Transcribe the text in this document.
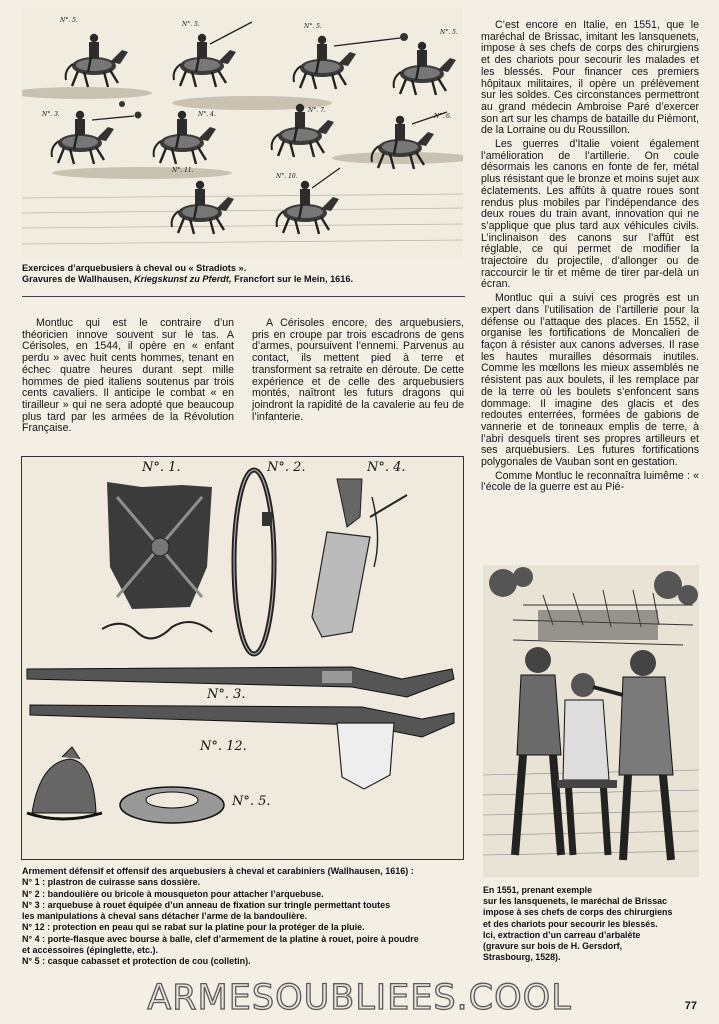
N°. 5.
N°. 5.	N°. 5.
N°. 5.
N°. 3.	N°. 4.
N°. 7.
N°. 6.
N°. 11.
N°. 10.
Exercices d’arquebusiers à cheval ou « Stradiots ».
Gravures de Wallhausen, Kriegskunst zu Pferdt, Francfort sur le Mein, 1616.

Montluc qui est le contraire d’un théoricien innove souvent sur le tas. A Cérisoles, en 1544, il opère en « enfant perdu » avec huit cents hommes, tenant en échec quatre heures durant sept mille hommes de pied italiens soutenus par trois cents cavaliers. Il anticipe le combat « en tirailleur » qui ne sera adopté que beaucoup plus tard par les armées de la Révolution Française.

A Cérisoles encore, des arquebusiers, pris en croupe par trois escadrons de gens d’armes, poursuivent l’ennemi. Parvenus au contact, ils mettent pied à terre et transforment sa retraite en déroute. De cette expérience et de celle des arquebusiers montés, naîtront les futurs dragons qui joindront la rapidité de la cavalerie au feu de l’infanterie.

C’est encore en Italie, en 1551, que le maréchal de Brissac, imitant les lansquenets, impose à ses chefs de corps des chirurgiens et des chariots pour secourir les malades et les blessés. Pour financer ces premiers hôpitaux militaires, il opère un prélèvement sur les soldes. Ces circonstances permettront au grand médecin Ambroise Paré d’exercer son art sur les champs de bataille du Piémont, de la Lorraine ou du Roussillon.

Les guerres d’Italie voient également l’amélioration de l’artillerie. On coule désormais les canons en fonte de fer, métal plus résistant que le bronze et moins sujet aux éclatements. Les affûts à quatre roues sont rendus plus mobiles par l’indépendance des deux roues du train avant, innovation qui ne s’applique que plus tard aux véhicules civils. L’inclinaison des canons sur l’affût est réglable, ce qui permet de modifier la trajectoire du projectile, d’allonger ou de raccourcir le tir et même de tirer par-delà un écran.

Montluc qui a suivi ces progrès est un expert dans l’utilisation de l’artillerie pour la défense ou l’attaque des places. En 1552, il organise les fortifications de Moncalieri de façon à résister aux canons adverses. Il rase les hautes murailles désormais inutiles. Comme les mœllons les mieux assemblés ne résistent pas aux boulets, il les remplace par de la terre où les boulets s’enfoncent sans dommage. Il imagine des glacis et des redoutes enterrées, formées de gabions de vannerie et de tonneaux emplis de terre, à l’abri desquels tirent ses propres artilleurs et ses arquebusiers. Les futures fortifications polygonales de Vauban sont en gestation.

Comme Montluc le reconnaîtra luimême : « l’école de la guerre est au Pié-

N°. 1.	N°. 2.	N°. 4.
N°. 3.
N°. 12.
N°. 5.
Armement défensif et offensif des arquebusiers à cheval et carabiniers (Wallhausen, 1616) :
N° 1 : plastron de cuirasse sans dossière.
N° 2 : bandoulière ou bricole à mousqueton pour attacher l’arquebuse.
N° 3 : arquebuse à rouet équipée d’un anneau de fixation sur tringle permettant toutes
les manipulations à cheval sans détacher l’arme de la bandoulière.
N° 12 : protection en peau qui se rabat sur la platine pour la protéger de la pluie.
N° 4 : porte-flasque avec bourse à balle, clef d’armement de la platine à rouet, poire à poudre
et accessoires (épinglette, etc.).
N° 5 : casque cabasset et protection de cou (colletin).
En 1551, prenant exemple
sur les lansquenets, le maréchal de Brissac
impose à ses chefs de corps des chirurgiens
et des chariots pour secourir les blessés.
Ici, extraction d’un carreau d’arbalète
(gravure sur bois de H. Gersdorf,
Strasbourg, 1528).
ARMESOUBLIEES.COOL	77
